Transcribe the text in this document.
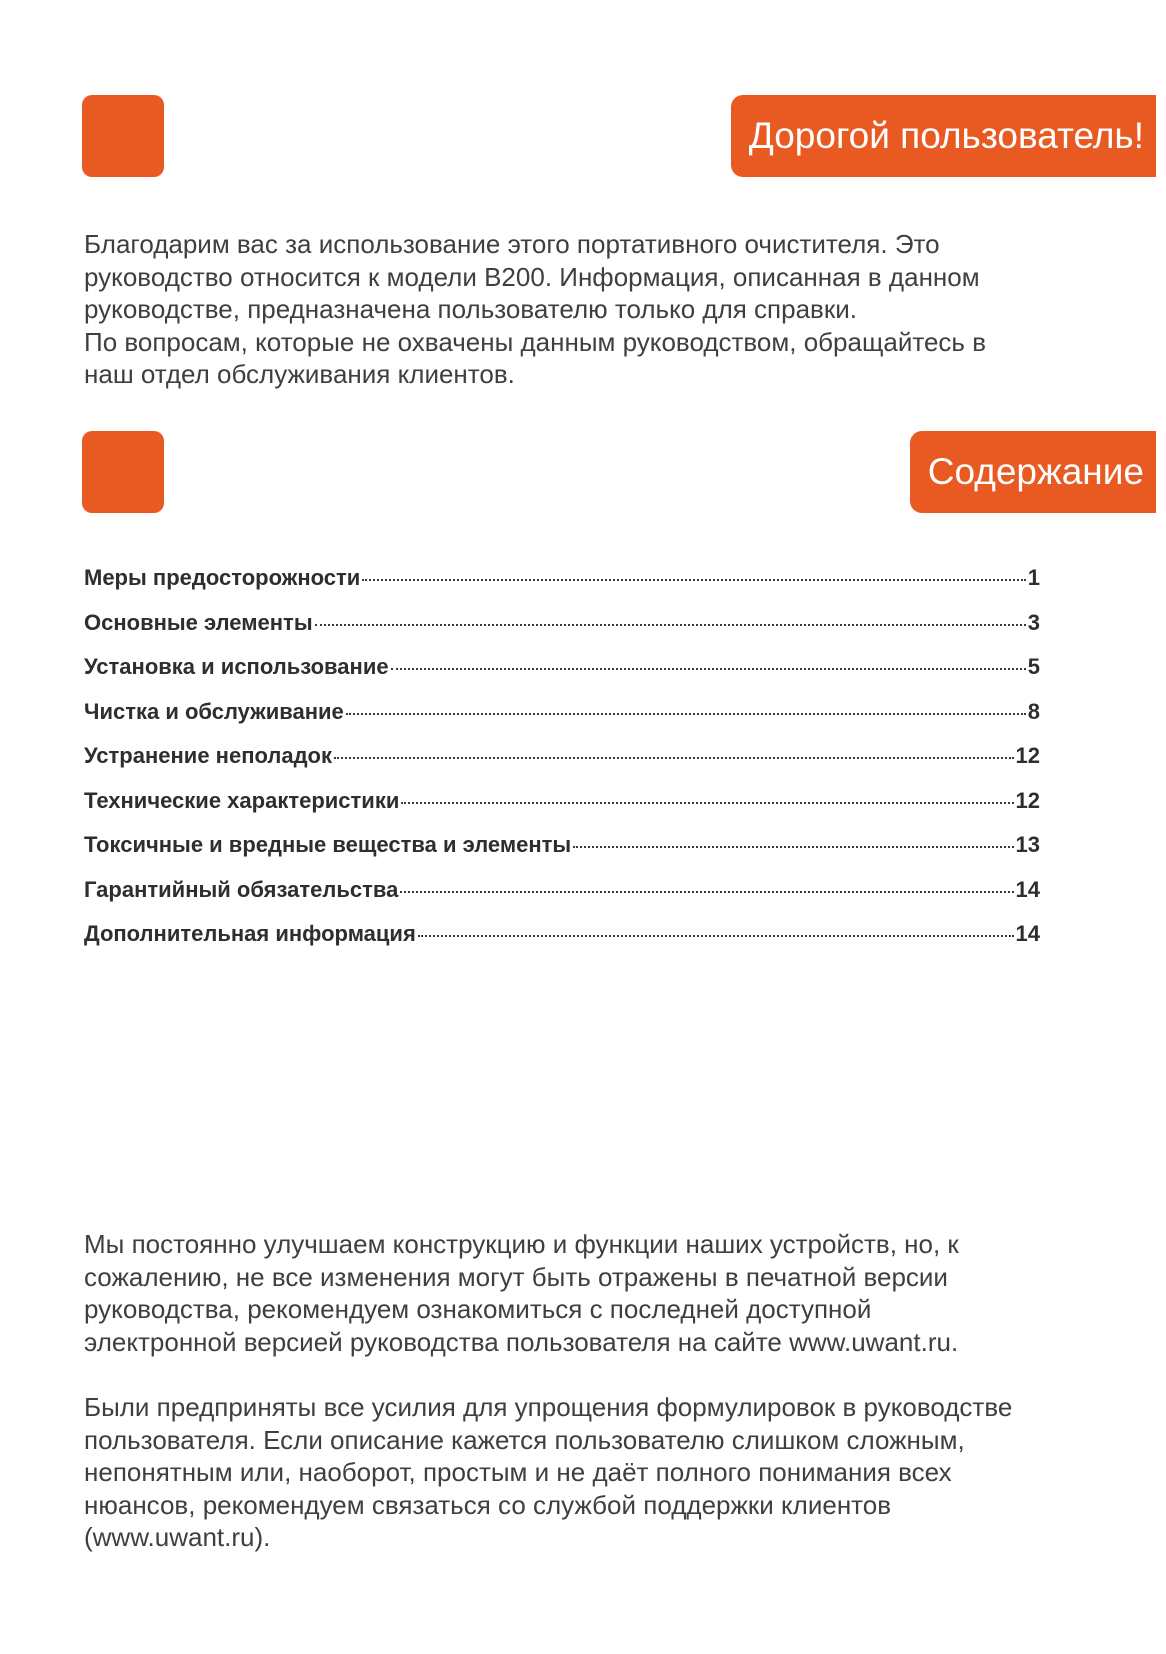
Дорогой пользователь!

Благодарим вас за использование этого портативного очистителя. Это
руководство относится к модели B200. Информация, описанная в данном
руководстве, предназначена пользователю только для справки.
По вопросам, которые не охвачены данным руководством, обращайтесь в
наш отдел обслуживания клиентов.

Содержание
Меры предосторожности	1
Основные элементы	3
Установка и использование	5
Чистка и обслуживание	8
Устранение неполадок	12
Технические характеристики	12
Токсичные и вредные вещества и элементы	13
Гарантийный обязательства	14
Дополнительная информация	14

Мы постоянно улучшаем конструкцию и функции наших устройств, но, к
сожалению, не все изменения могут быть отражены в печатной версии
руководства, рекомендуем ознакомиться с последней доступной
электронной версией руководства пользователя на сайте www.uwant.ru.

Были предприняты все усилия для упрощения формулировок в руководстве
пользователя. Если описание кажется пользователю слишком сложным,
непонятным или, наоборот, простым и не даёт полного понимания всех
нюансов, рекомендуем связаться со службой поддержки клиентов
(www.uwant.ru).
